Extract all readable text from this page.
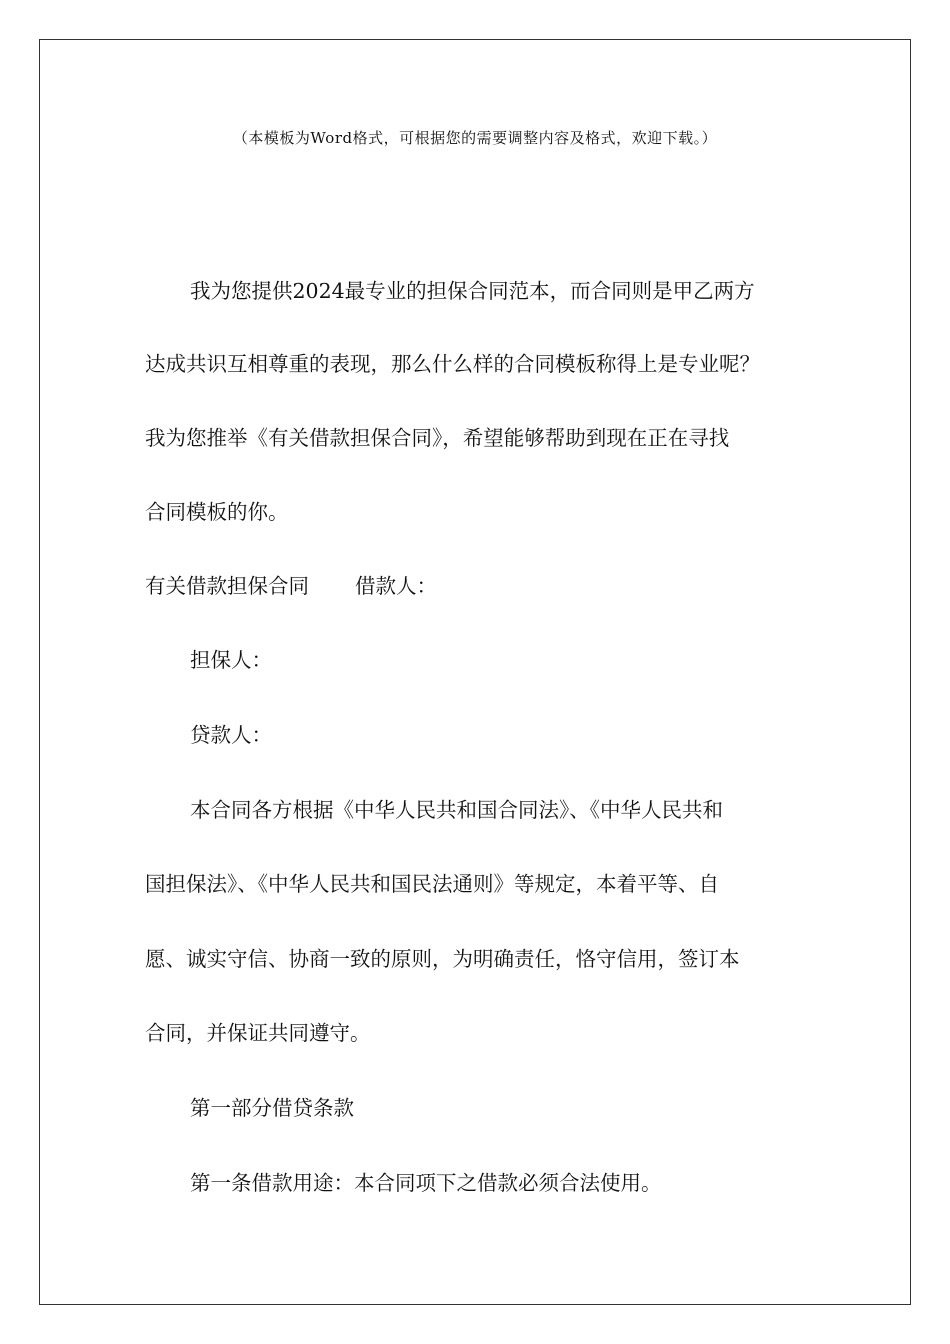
（本模板为Word格式，可根据您的需要调整内容及格式，欢迎下载。）
我为您提供2024最专业的担保合同范本，而合同则是甲乙两方
达成共识互相尊重的表现，那么什么样的合同模板称得上是专业呢？
我为您推举《有关借款担保合同》，希望能够帮助到现在正在寻找
合同模板的你。
有关借款担保合同 借款人：
担保人：
贷款人：
本合同各方根据《中华人民共和国合同法》、《中华人民共和
国担保法》、《中华人民共和国民法通则》等规定，本着平等、自
愿、诚实守信、协商一致的原则，为明确责任，恪守信用，签订本
合同，并保证共同遵守。
第一部分借贷条款
第一条借款用途：本合同项下之借款必须合法使用。
